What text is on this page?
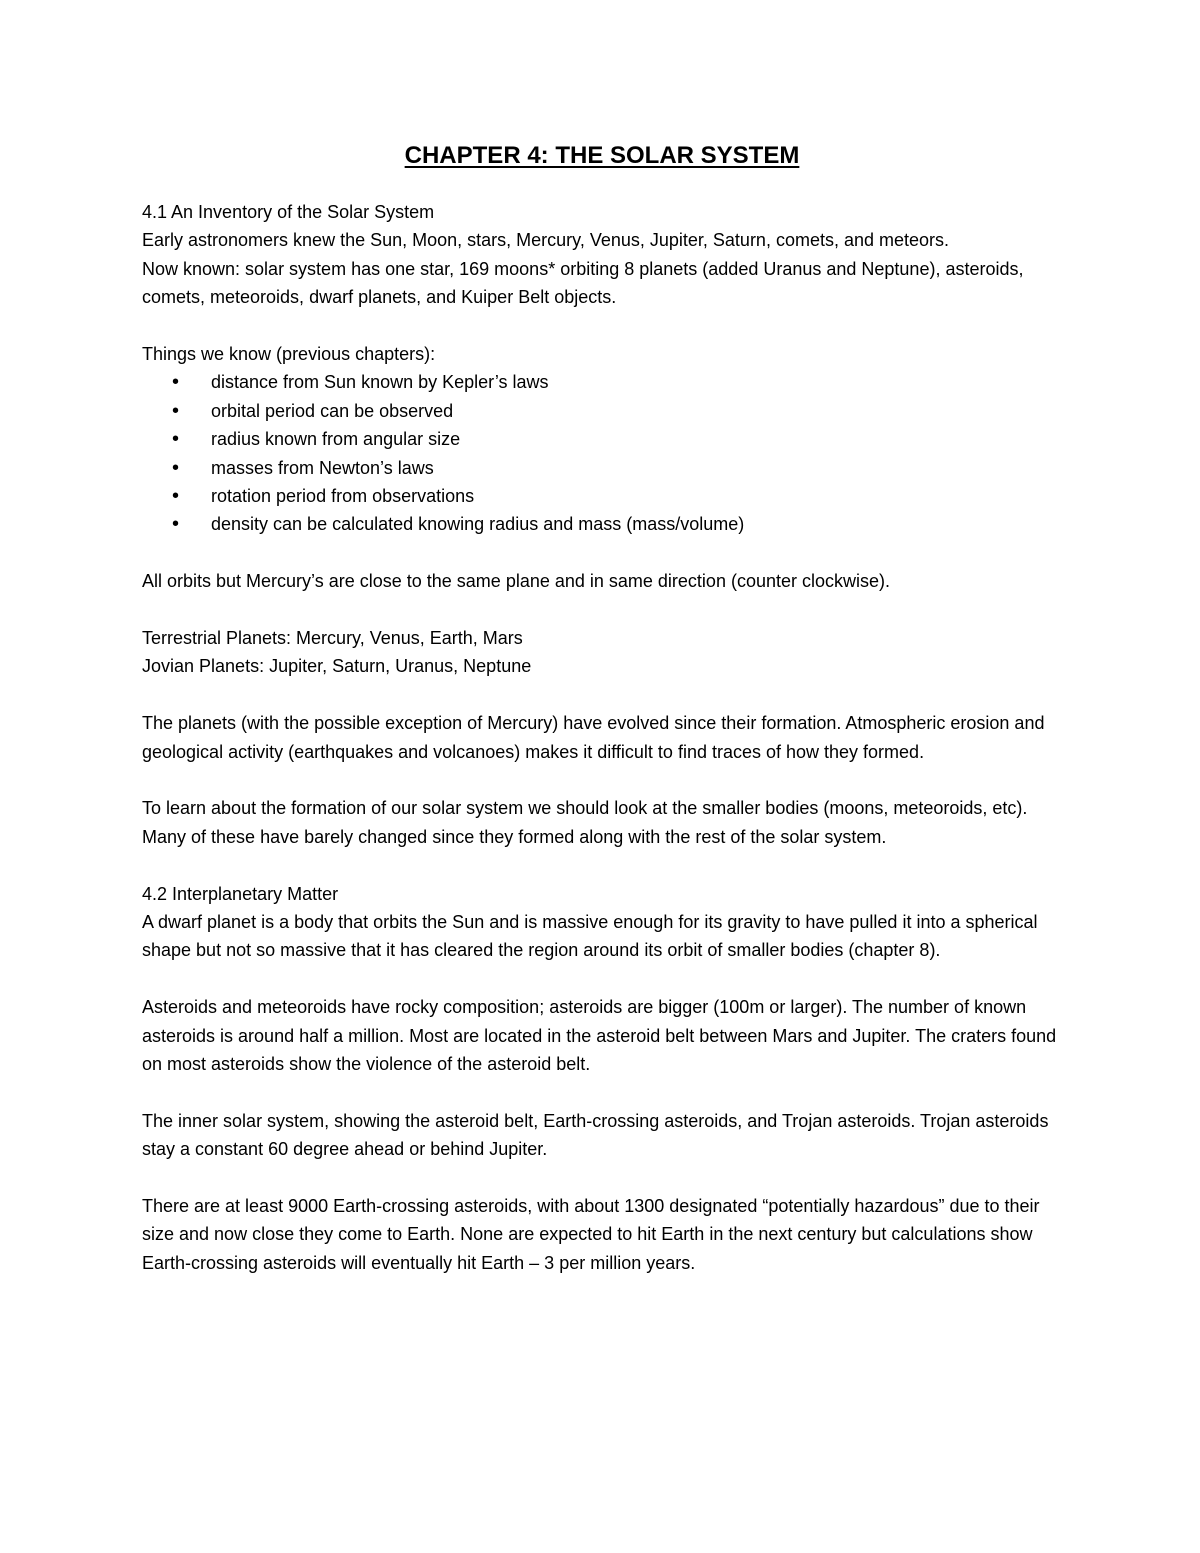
CHAPTER 4: THE SOLAR SYSTEM

4.1 An Inventory of the Solar System

Early astronomers knew the Sun, Moon, stars, Mercury, Venus, Jupiter, Saturn, comets, and meteors.

Now known: solar system has one star, 169 moons* orbiting 8 planets (added Uranus and Neptune), asteroids, comets, meteoroids, dwarf planets, and Kuiper Belt objects.

Things we know (previous chapters):

• distance from Sun known by Kepler’s laws
• orbital period can be observed
• radius known from angular size
• masses from Newton’s laws
• rotation period from observations
• density can be calculated knowing radius and mass (mass/volume)

All orbits but Mercury’s are close to the same plane and in same direction (counter clockwise).

Terrestrial Planets: Mercury, Venus, Earth, Mars

Jovian Planets: Jupiter, Saturn, Uranus, Neptune

The planets (with the possible exception of Mercury) have evolved since their formation. Atmospheric erosion and geological activity (earthquakes and volcanoes) makes it difficult to find traces of how they formed.

To learn about the formation of our solar system we should look at the smaller bodies (moons, meteoroids, etc). Many of these have barely changed since they formed along with the rest of the solar system.

4.2 Interplanetary Matter

A dwarf planet is a body that orbits the Sun and is massive enough for its gravity to have pulled it into a spherical shape but not so massive that it has cleared the region around its orbit of smaller bodies (chapter 8).

Asteroids and meteoroids have rocky composition; asteroids are bigger (100m or larger). The number of known asteroids is around half a million. Most are located in the asteroid belt between Mars and Jupiter. The craters found on most asteroids show the violence of the asteroid belt.

The inner solar system, showing the asteroid belt, Earth-crossing asteroids, and Trojan asteroids. Trojan asteroids stay a constant 60 degree ahead or behind Jupiter.

There are at least 9000 Earth-crossing asteroids, with about 1300 designated “potentially hazardous” due to their size and now close they come to Earth. None are expected to hit Earth in the next century but calculations show Earth-crossing asteroids will eventually hit Earth – 3 per million years.
